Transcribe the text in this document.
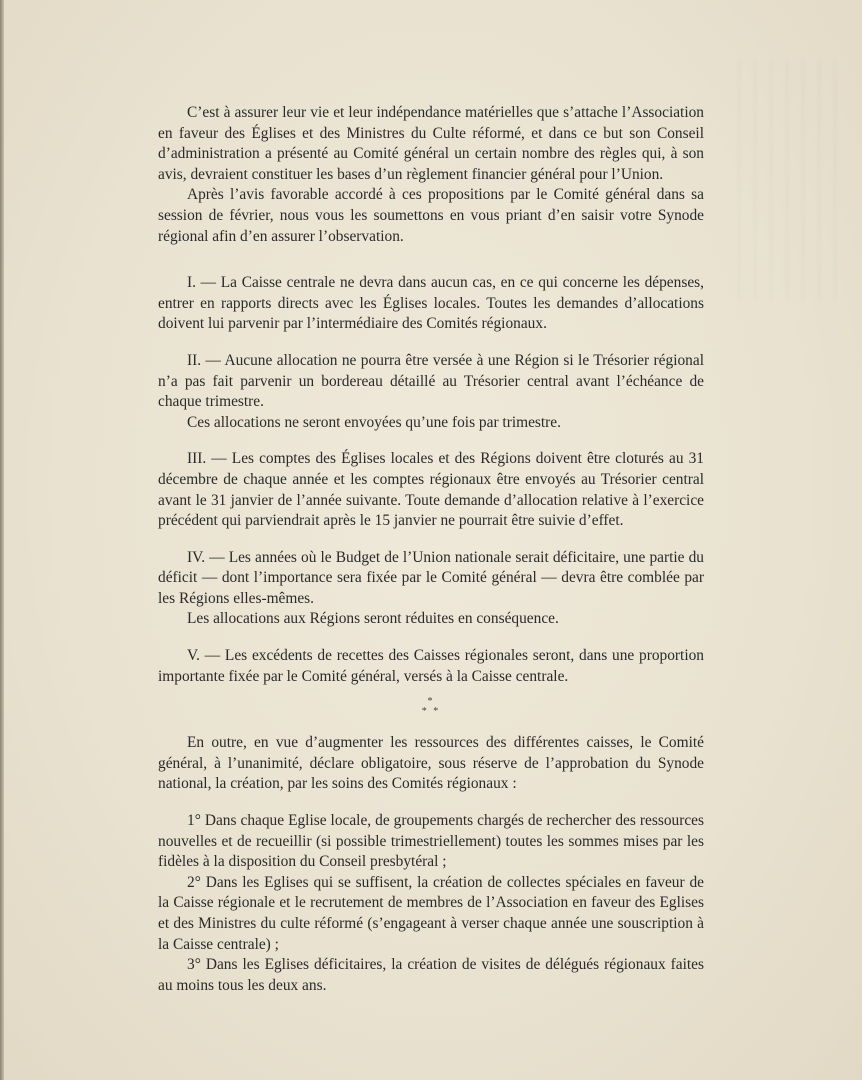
C’est à assurer leur vie et leur indépendance matérielles que s’attache l’Association en faveur des Églises et des Ministres du Culte réformé, et dans ce but son Conseil d’administration a présenté au Comité général un certain nombre des règles qui, à son avis, devraient constituer les bases d’un règlement financier général pour l’Union.

Après l’avis favorable accordé à ces propositions par le Comité général dans sa session de février, nous vous les soumettons en vous priant d’en saisir votre Synode régional afin d’en assurer l’observation.

I. — La Caisse centrale ne devra dans aucun cas, en ce qui concerne les dépenses, entrer en rapports directs avec les Églises locales. Toutes les demandes d’allocations doivent lui parvenir par l’intermédiaire des Comités régionaux.

II. — Aucune allocation ne pourra être versée à une Région si le Trésorier régional n’a pas fait parvenir un bordereau détaillé au Trésorier central avant l’échéance de chaque trimestre.

Ces allocations ne seront envoyées qu’une fois par trimestre.

III. — Les comptes des Églises locales et des Régions doivent être cloturés au 31 décembre de chaque année et les comptes régionaux être envoyés au Trésorier central avant le 31 janvier de l’année suivante. Toute demande d’allocation relative à l’exercice précédent qui parviendrait après le 15 janvier ne pourrait être suivie d’effet.

IV. — Les années où le Budget de l’Union nationale serait déficitaire, une partie du déficit — dont l’importance sera fixée par le Comité général — devra être comblée par les Régions elles-mêmes.

Les allocations aux Régions seront réduites en conséquence.

V. — Les excédents de recettes des Caisses régionales seront, dans une proportion importante fixée par le Comité général, versés à la Caisse centrale.

*
* *

En outre, en vue d’augmenter les ressources des différentes caisses, le Comité général, à l’unanimité, déclare obligatoire, sous réserve de l’approbation du Synode national, la création, par les soins des Comités régionaux :

1° Dans chaque Eglise locale, de groupements chargés de rechercher des ressources nouvelles et de recueillir (si possible trimestriellement) toutes les sommes mises par les fidèles à la disposition du Conseil presbytéral ;

2° Dans les Eglises qui se suffisent, la création de collectes spéciales en faveur de la Caisse régionale et le recrutement de membres de l’Association en faveur des Eglises et des Ministres du culte réformé (s’engageant à verser chaque année une souscription à la Caisse centrale) ;

3° Dans les Eglises déficitaires, la création de visites de délégués régionaux faites au moins tous les deux ans.
